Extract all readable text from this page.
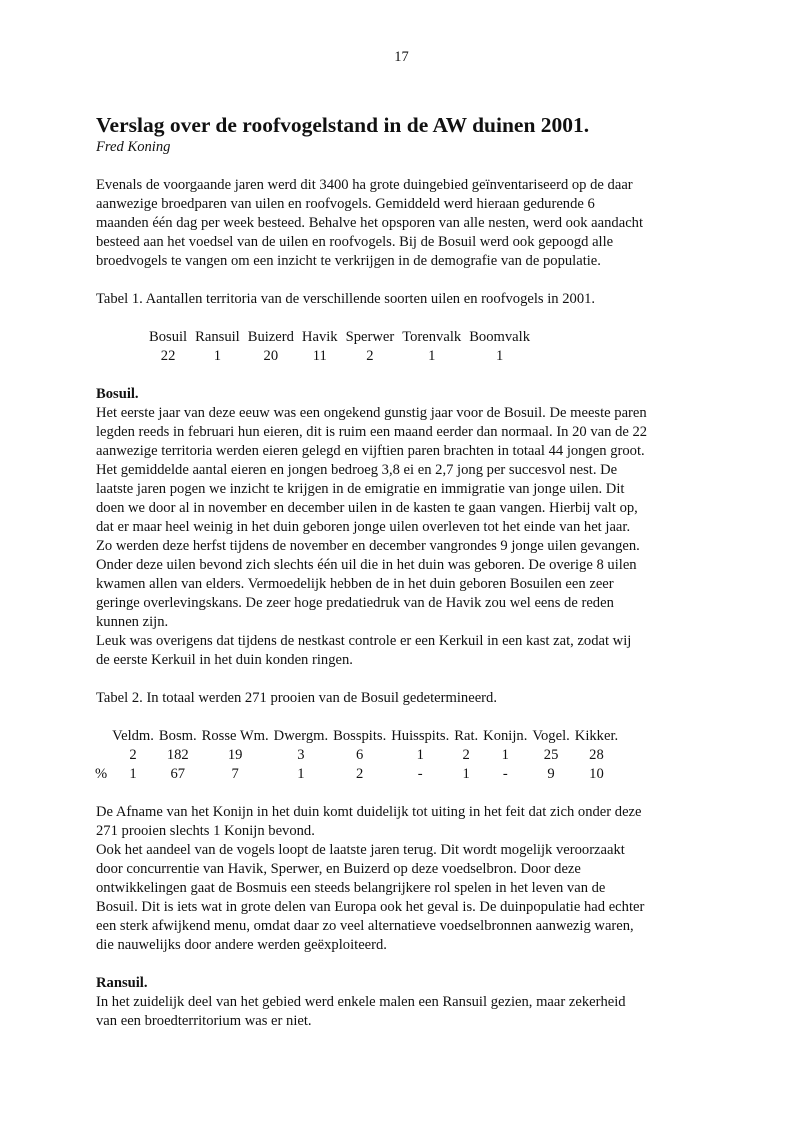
17
Verslag over de roofvogelstand in de AW duinen 2001.
Fred Koning

Evenals de voorgaande jaren werd dit 3400 ha grote duingebied geïnventariseerd op de daar

aanwezige broedparen van uilen en roofvogels. Gemiddeld werd hieraan gedurende 6

maanden één dag per week besteed. Behalve het opsporen van alle nesten, werd ook aandacht

besteed aan het voedsel van de uilen en roofvogels. Bij de Bosuil werd ook gepoogd alle

broedvogels te vangen om een inzicht te verkrijgen in de demografie van de populatie.

Tabel 1. Aantallen territoria van de verschillende soorten uilen en roofvogels in 2001.

Bosuil	Ransuil	Buizerd	Havik	Sperwer	Torenvalk	Boomvalk
22	1	20	11	2	1	1

Bosuil.

Het eerste jaar van deze eeuw was een ongekend gunstig jaar voor de Bosuil. De meeste paren

legden reeds in februari hun eieren, dit is ruim een maand eerder dan normaal. In 20 van de 22

aanwezige territoria werden eieren gelegd en vijftien paren brachten in totaal 44 jongen groot.

Het gemiddelde aantal eieren en jongen bedroeg 3,8 ei en 2,7 jong per succesvol nest. De

laatste jaren pogen we inzicht te krijgen in de emigratie en immigratie van jonge uilen. Dit

doen we door al in november en december uilen in de kasten te gaan vangen. Hierbij valt op,

dat er maar heel weinig in het duin geboren jonge uilen overleven tot het einde van het jaar.

Zo werden deze herfst tijdens de november en december vangrondes 9 jonge uilen gevangen.

Onder deze uilen bevond zich slechts één uil die in het duin was geboren. De overige 8 uilen

kwamen allen van elders. Vermoedelijk hebben de in het duin geboren Bosuilen een zeer

geringe overlevingskans. De zeer hoge predatiedruk van de Havik zou wel eens de reden

kunnen zijn.

Leuk was overigens dat tijdens de nestkast controle er een Kerkuil in een kast zat, zodat wij

de eerste Kerkuil in het duin konden ringen.

Tabel 2. In totaal werden 271 prooien van de Bosuil gedetermineerd.

	Veldm.	Bosm.	Rosse Wm.	Dwergm.	Bosspits.	Huisspits.	Rat.	Konijn.	Vogel.	Kikker.
	2	182	19	3	6	1	2	1	25	28
%	1	67	7	1	2	-	1	-	9	10

De Afname van het Konijn in het duin komt duidelijk tot uiting in het feit dat zich onder deze

271 prooien slechts 1 Konijn bevond.

Ook het aandeel van de vogels loopt de laatste jaren terug. Dit wordt mogelijk veroorzaakt

door concurrentie van Havik, Sperwer, en Buizerd op deze voedselbron. Door deze

ontwikkelingen gaat de Bosmuis een steeds belangrijkere rol spelen in het leven van de

Bosuil. Dit is iets wat in grote delen van Europa ook het geval is. De duinpopulatie had echter

een sterk afwijkend menu, omdat daar zo veel alternatieve voedselbronnen aanwezig waren,

die nauwelijks door andere werden geëxploiteerd.

Ransuil.

In het zuidelijk deel van het gebied werd enkele malen een Ransuil gezien, maar zekerheid

van een broedterritorium was er niet.
